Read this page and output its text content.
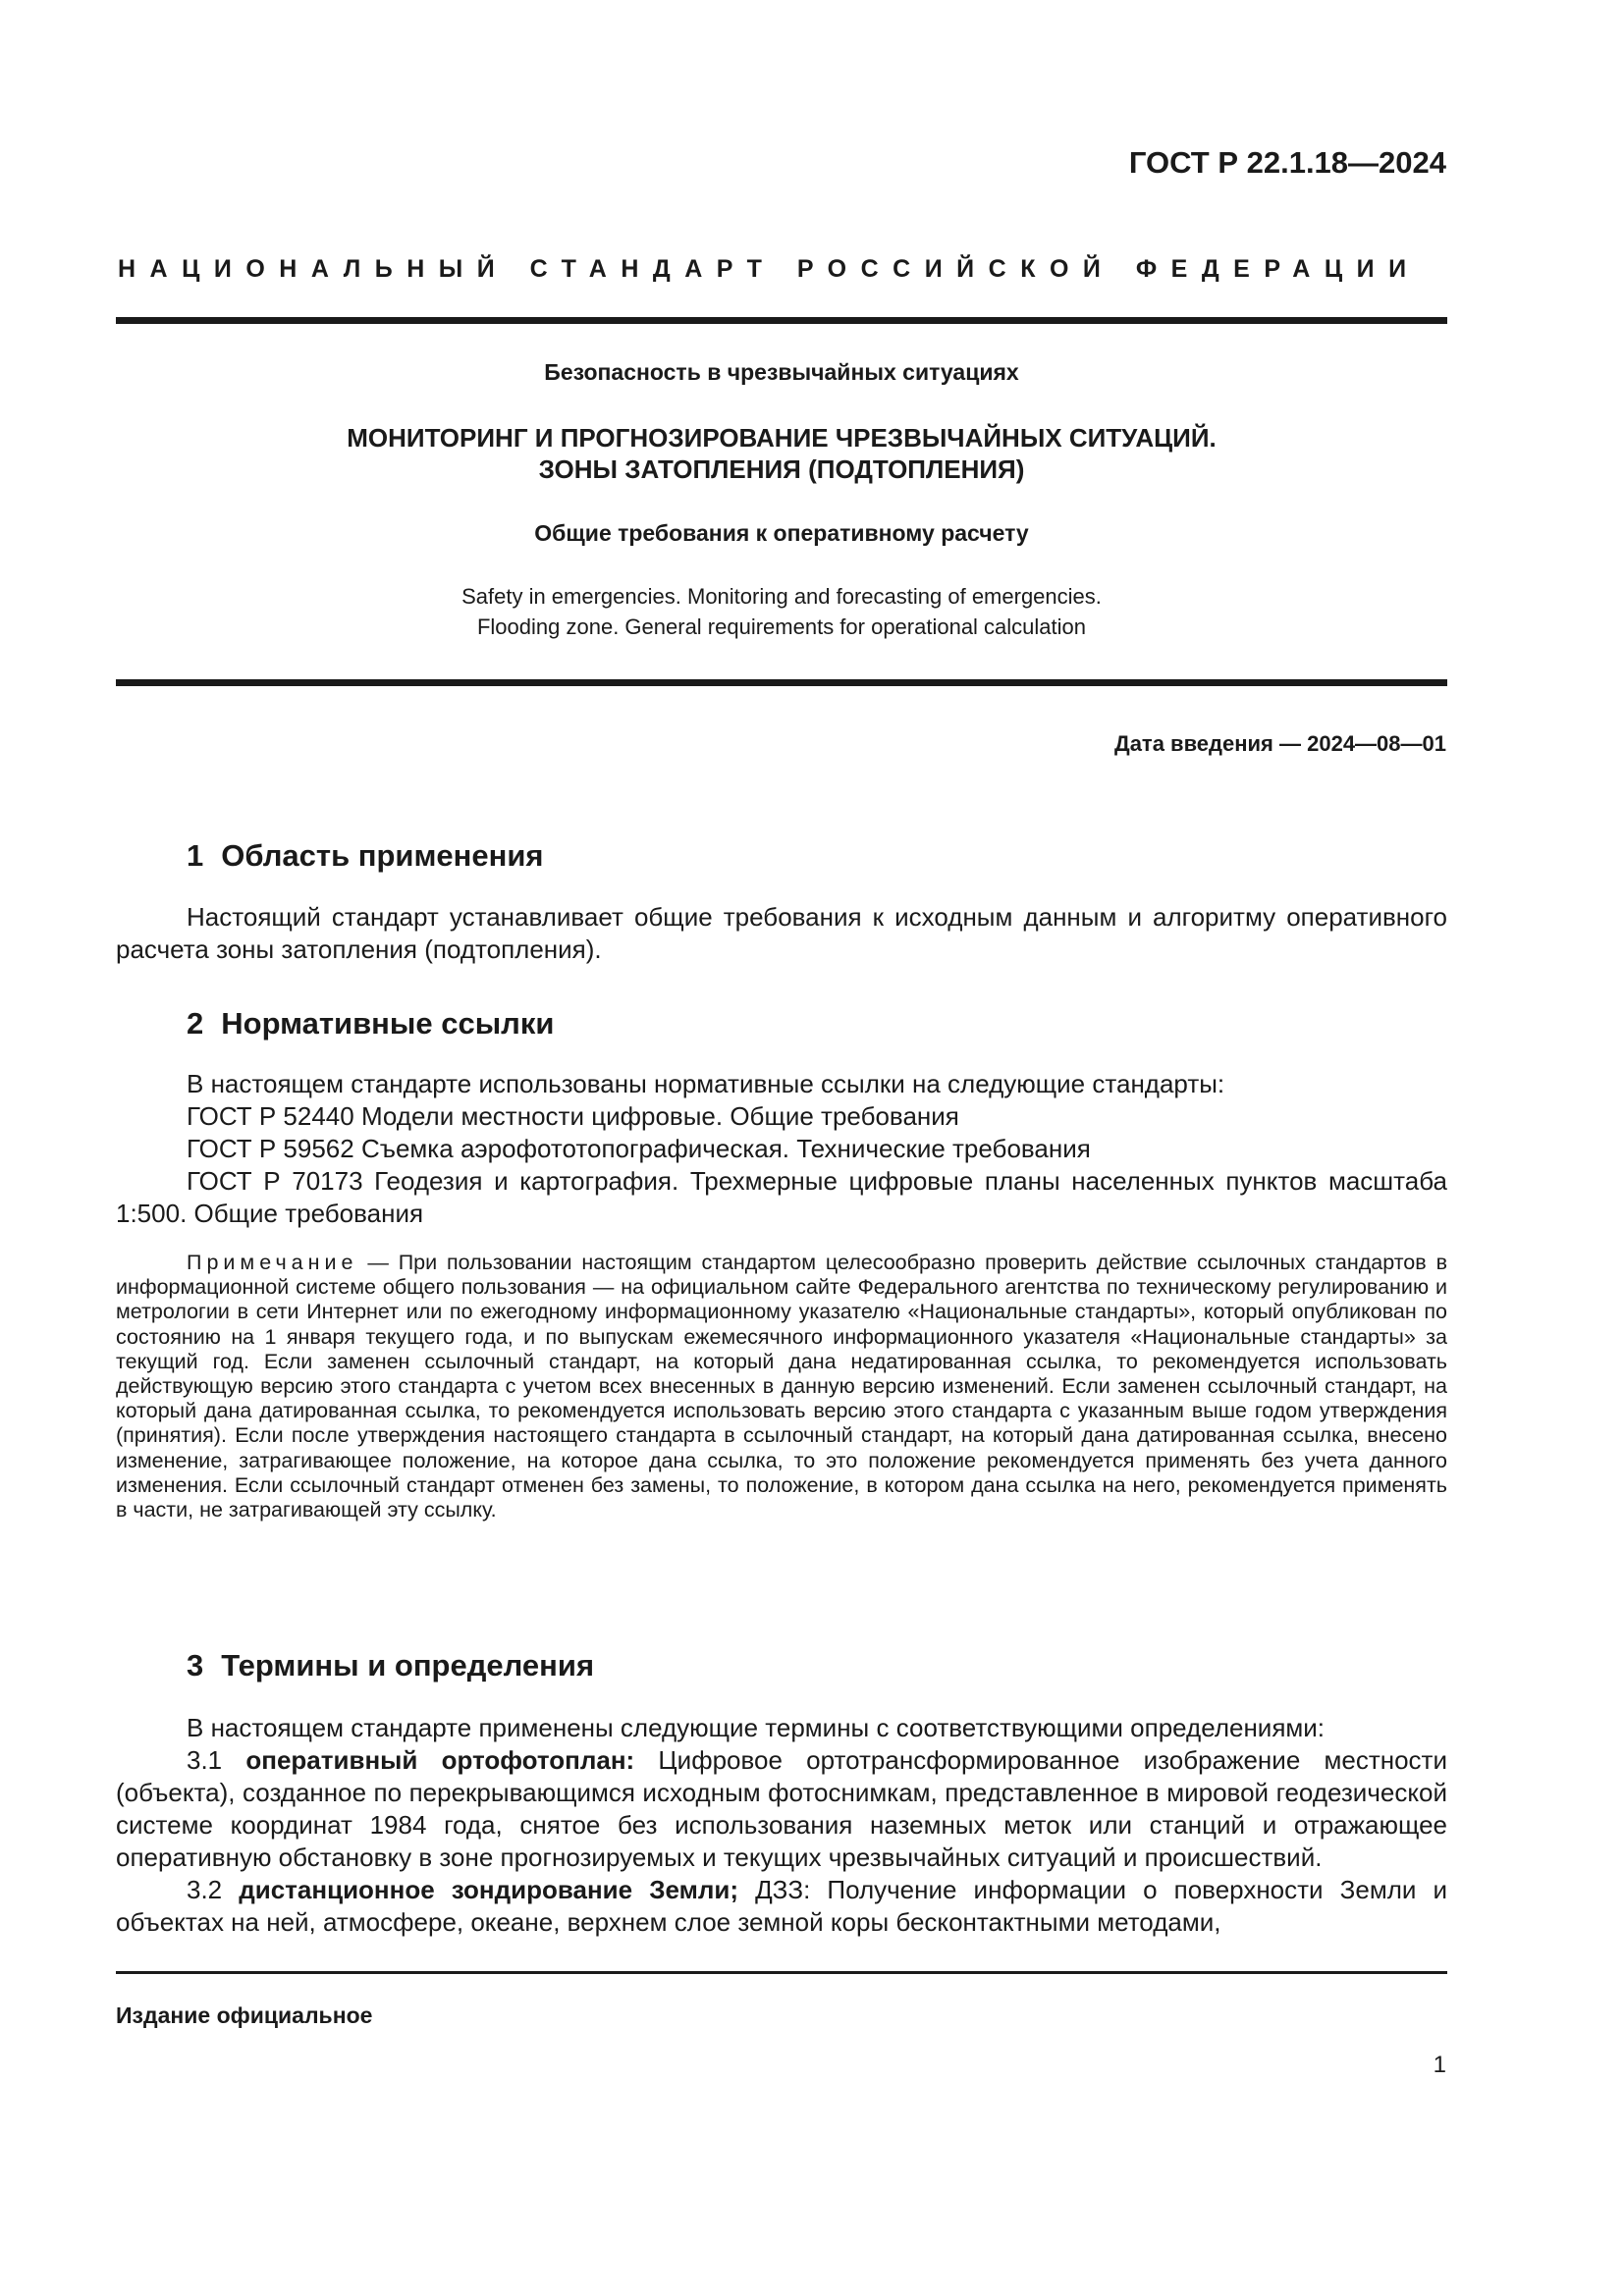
ГОСТ Р 22.1.18—2024
НАЦИОНАЛЬНЫЙ СТАНДАРТ РОССИЙСКОЙ ФЕДЕРАЦИИ
Безопасность в чрезвычайных ситуациях
МОНИТОРИНГ И ПРОГНОЗИРОВАНИЕ ЧРЕЗВЫЧАЙНЫХ СИТУАЦИЙ.
ЗОНЫ ЗАТОПЛЕНИЯ (ПОДТОПЛЕНИЯ)
Общие требования к оперативному расчету
Safety in emergencies. Monitoring and forecasting of emergencies.
Flooding zone. General requirements for operational calculation
Дата введения — 2024—08—01
1 Область применения

Настоящий стандарт устанавливает общие требования к исходным данным и алгоритму оперативного расчета зоны затопления (подтопления).

2 Нормативные ссылки

В настоящем стандарте использованы нормативные ссылки на следующие стандарты:

ГОСТ Р 52440 Модели местности цифровые. Общие требования

ГОСТ Р 59562 Съемка аэрофототопографическая. Технические требования

ГОСТ Р 70173 Геодезия и картография. Трехмерные цифровые планы населенных пунктов масштаба 1:500. Общие требования

Примечание — При пользовании настоящим стандартом целесообразно проверить действие ссылочных стандартов в информационной системе общего пользования — на официальном сайте Федерального агентства по техническому регулированию и метрологии в сети Интернет или по ежегодному информационному указателю «Национальные стандарты», который опубликован по состоянию на 1 января текущего года, и по выпускам ежемесячного информационного указателя «Национальные стандарты» за текущий год. Если заменен ссылочный стандарт, на который дана недатированная ссылка, то рекомендуется использовать действующую версию этого стандарта с учетом всех внесенных в данную версию изменений. Если заменен ссылочный стандарт, на который дана датированная ссылка, то рекомендуется использовать версию этого стандарта с указанным выше годом утверждения (принятия). Если после утверждения настоящего стандарта в ссылочный стандарт, на который дана датированная ссылка, внесено изменение, затрагивающее положение, на которое дана ссылка, то это положение рекомендуется применять без учета данного изменения. Если ссылочный стандарт отменен без замены, то положение, в котором дана ссылка на него, рекомендуется применять в части, не затрагивающей эту ссылку.

3 Термины и определения

В настоящем стандарте применены следующие термины с соответствующими определениями:

3.1 оперативный ортофотоплан: Цифровое ортотрансформированное изображение местности (объекта), созданное по перекрывающимся исходным фотоснимкам, представленное в мировой геодезической системе координат 1984 года, снятое без использования наземных меток или станций и отражающее оперативную обстановку в зоне прогнозируемых и текущих чрезвычайных ситуаций и происшествий.

3.2 дистанционное зондирование Земли; ДЗЗ: Получение информации о поверхности Земли и объектах на ней, атмосфере, океане, верхнем слое земной коры бесконтактными методами,

Издание официальное
1
